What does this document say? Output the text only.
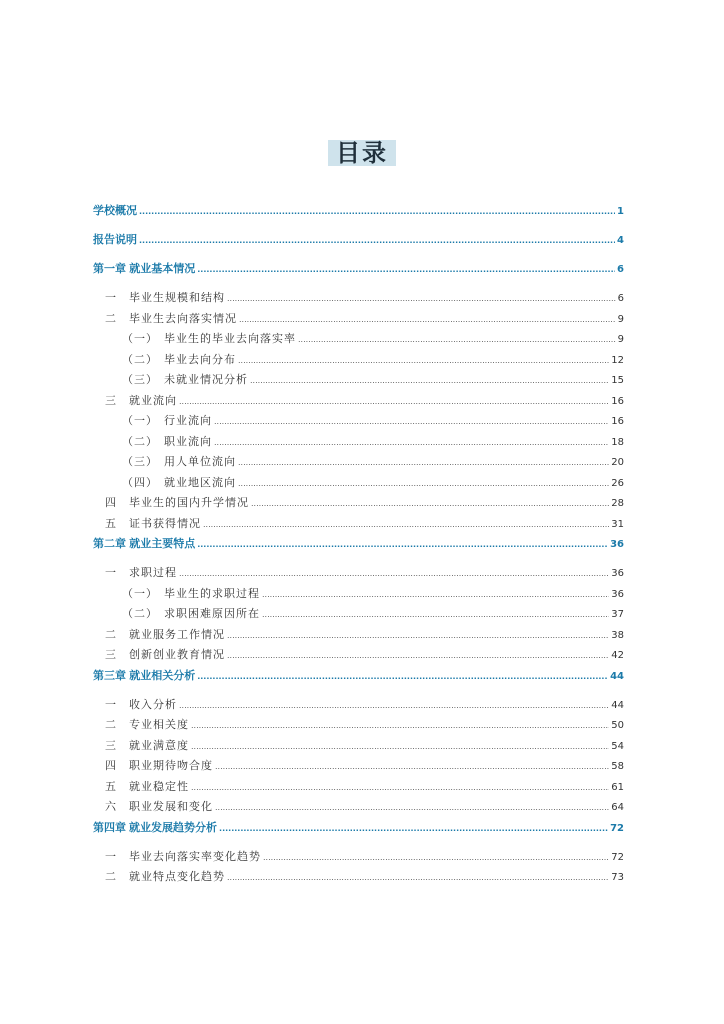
目录
学校概况 .....	1
报告说明 .....	4
第一章 就业基本情况 .....	6
一	毕业生规模和结构 .....	6
二	毕业生去向落实情况 .....	9
（一） 毕业生的毕业去向落实率 .....	9
（二） 毕业去向分布 .....	12
（三） 未就业情况分析 .....	15
三	就业流向 .....	16
（一） 行业流向 .....	16
（二） 职业流向 .....	18
（三） 用人单位流向 .....	20
（四） 就业地区流向 .....	26
四	毕业生的国内升学情况 .....	28
五	证书获得情况 .....	31
第二章 就业主要特点 .....	36
一	求职过程 .....	36
（一） 毕业生的求职过程 .....	36
（二） 求职困难原因所在 .....	37
二	就业服务工作情况 .....	38
三	创新创业教育情况 .....	42
第三章 就业相关分析 .....	44
一	收入分析 .....	44
二	专业相关度 .....	50
三	就业满意度 .....	54
四	职业期待吻合度 .....	58
五	就业稳定性 .....	61
六	职业发展和变化 .....	64
第四章 就业发展趋势分析 .....	72
一	毕业去向落实率变化趋势 .....	72
二	就业特点变化趋势 .....	73
